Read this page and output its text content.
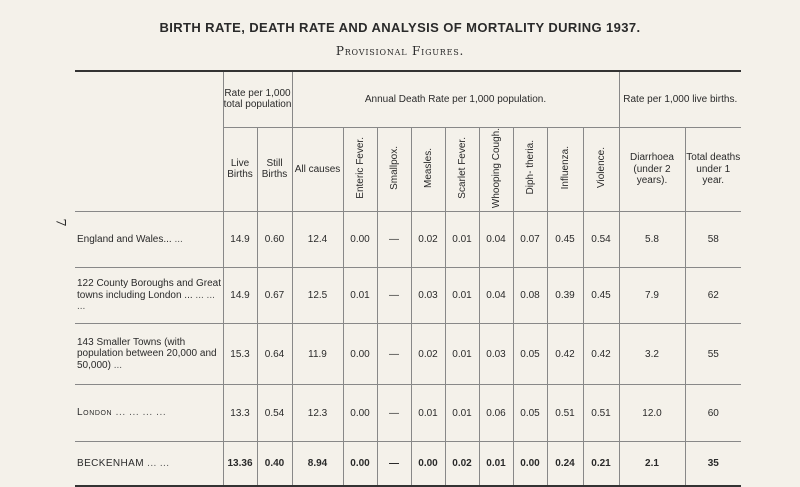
BIRTH RATE, DEATH RATE AND ANALYSIS OF MORTALITY DURING 1937.
Provisional Figures.
7
	Rate per 1,000 total population		Annual Death Rate per 1,000 population.									Rate per 1,000 live births.	
	Live Births	Still Births	All causes	Enteric Fever.	Smallpox.	Measles.	Scarlet Fever.	Whooping Cough.	Diph- theria.	Influenza.	Violence.	Diarrhoea (under 2 years).	Total deaths under 1 year.

England and Wales... ...	14.9	0.60	12.4	0.00	—	0.02	0.01	0.04	0.07	0.45	0.54	5.8	58
122 County Boroughs and Great towns including London ... ... ... ...	14.9	0.67	12.5	0.01	—	0.03	0.01	0.04	0.08	0.39	0.45	7.9	62
143 Smaller Towns (with population between 20,000 and 50,000) ...	15.3	0.64	11.9	0.00	—	0.02	0.01	0.03	0.05	0.42	0.42	3.2	55
London ... ... ... ...	13.3	0.54	12.3	0.00	—	0.01	0.01	0.06	0.05	0.51	0.51	12.0	60
BECKENHAM ... ...	13.36	0.40	8.94	0.00	—	0.00	0.02	0.01	0.00	0.24	0.21	2.1	35
